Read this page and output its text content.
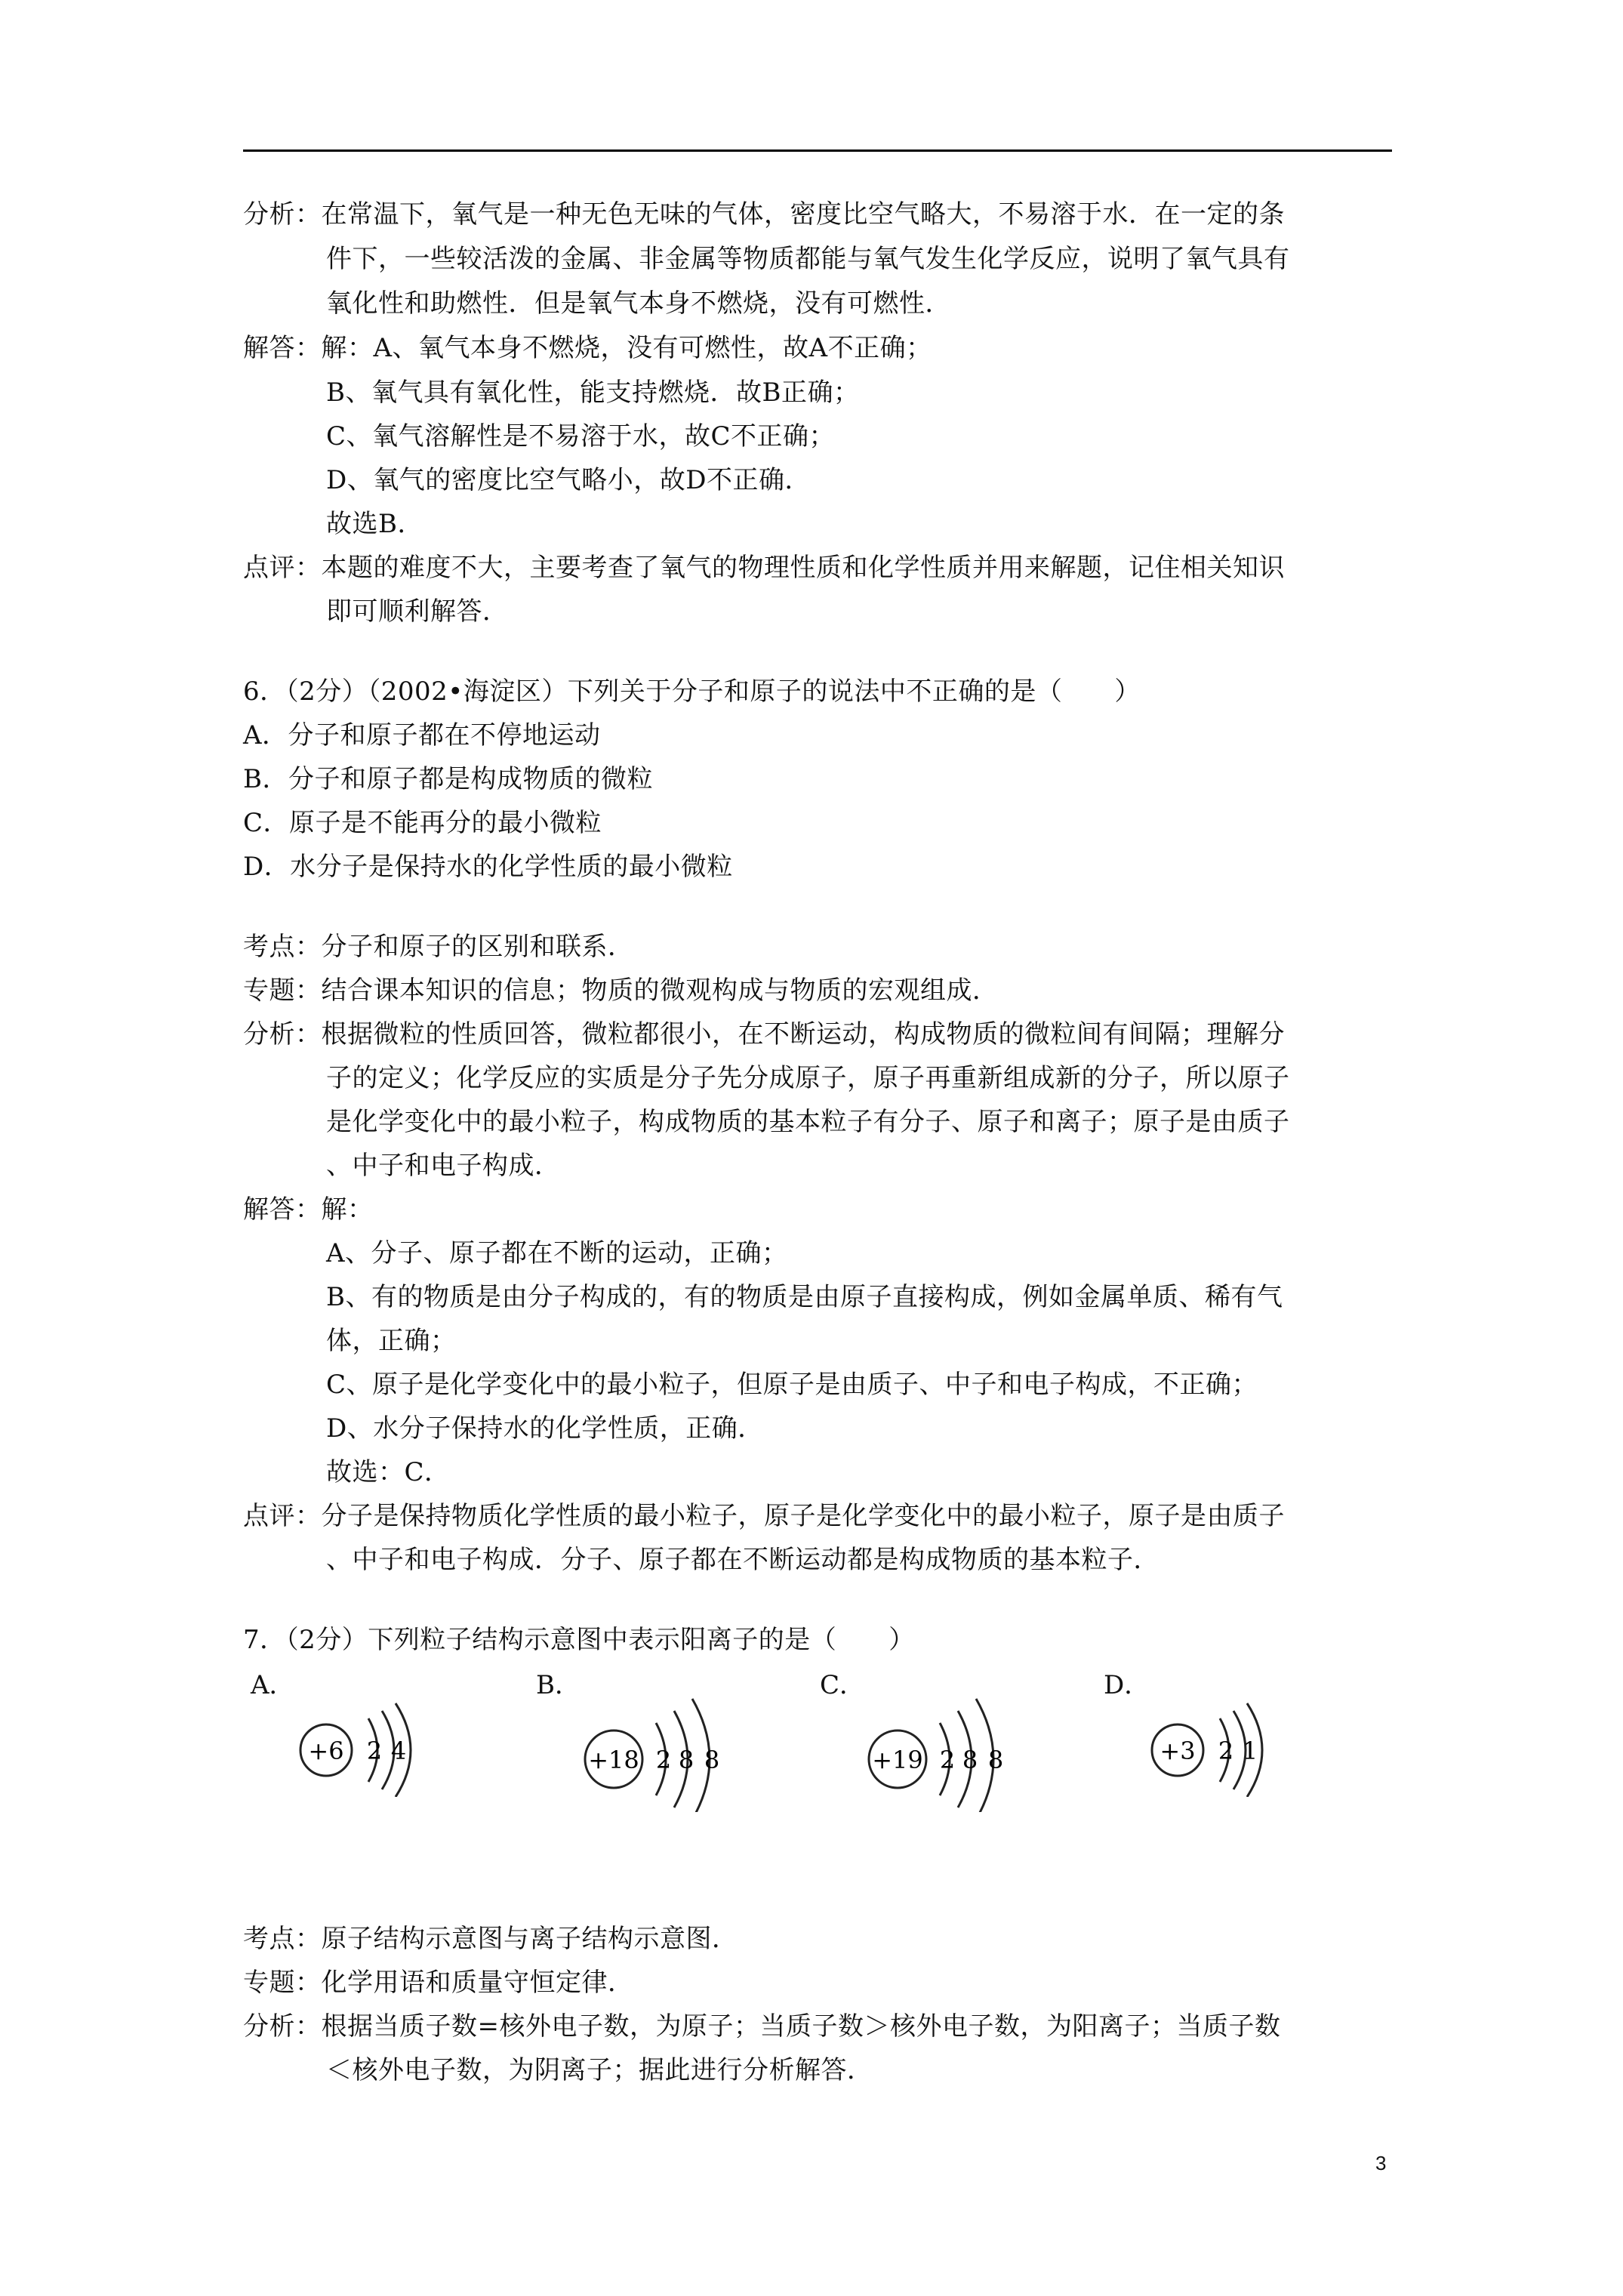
分析：在常温下，氧气是一种无色无味的气体，密度比空气略大，不易溶于水．在一定的条
件下，一些较活泼的金属、非金属等物质都能与氧气发生化学反应，说明了氧气具有
氧化性和助燃性．但是氧气本身不燃烧，没有可燃性．
解答：解：A、氧气本身不燃烧，没有可燃性，故A不正确；
B、氧气具有氧化性，能支持燃烧．故B正确；
C、氧气溶解性是不易溶于水，故C不正确；
D、氧气的密度比空气略小，故D不正确．
故选B．
点评：本题的难度不大，主要考查了氧气的物理性质和化学性质并用来解题，记住相关知识
即可顺利解答．
6．（2分）（2002•海淀区）下列关于分子和原子的说法中不正确的是（　　）
A．分子和原子都在不停地运动
B．分子和原子都是构成物质的微粒
C．原子是不能再分的最小微粒
D．水分子是保持水的化学性质的最小微粒
考点：分子和原子的区别和联系．
专题：结合课本知识的信息；物质的微观构成与物质的宏观组成．
分析：根据微粒的性质回答，微粒都很小，在不断运动，构成物质的微粒间有间隔；理解分
子的定义；化学反应的实质是分子先分成原子，原子再重新组成新的分子，所以原子
是化学变化中的最小粒子，构成物质的基本粒子有分子、原子和离子；原子是由质子
、中子和电子构成．
解答：解：
A、分子、原子都在不断的运动，正确；
B、有的物质是由分子构成的，有的物质是由原子直接构成，例如金属单质、稀有气
体，正确；
C、原子是化学变化中的最小粒子，但原子是由质子、中子和电子构成，不正确；
D、水分子保持水的化学性质，正确．
故选：C．
点评：分子是保持物质化学性质的最小粒子，原子是化学变化中的最小粒子，原子是由质子
、中子和电子构成．分子、原子都在不断运动都是构成物质的基本粒子．
7．（2分）下列粒子结构示意图中表示阳离子的是（　　）
A．	B．	C．	D．
+6 2 4	+18 2 8 8	+19 2 8 8	+3 2 1
考点：原子结构示意图与离子结构示意图．
专题：化学用语和质量守恒定律．
分析：根据当质子数=核外电子数，为原子；当质子数＞核外电子数，为阳离子；当质子数
＜核外电子数，为阴离子；据此进行分析解答．
3
